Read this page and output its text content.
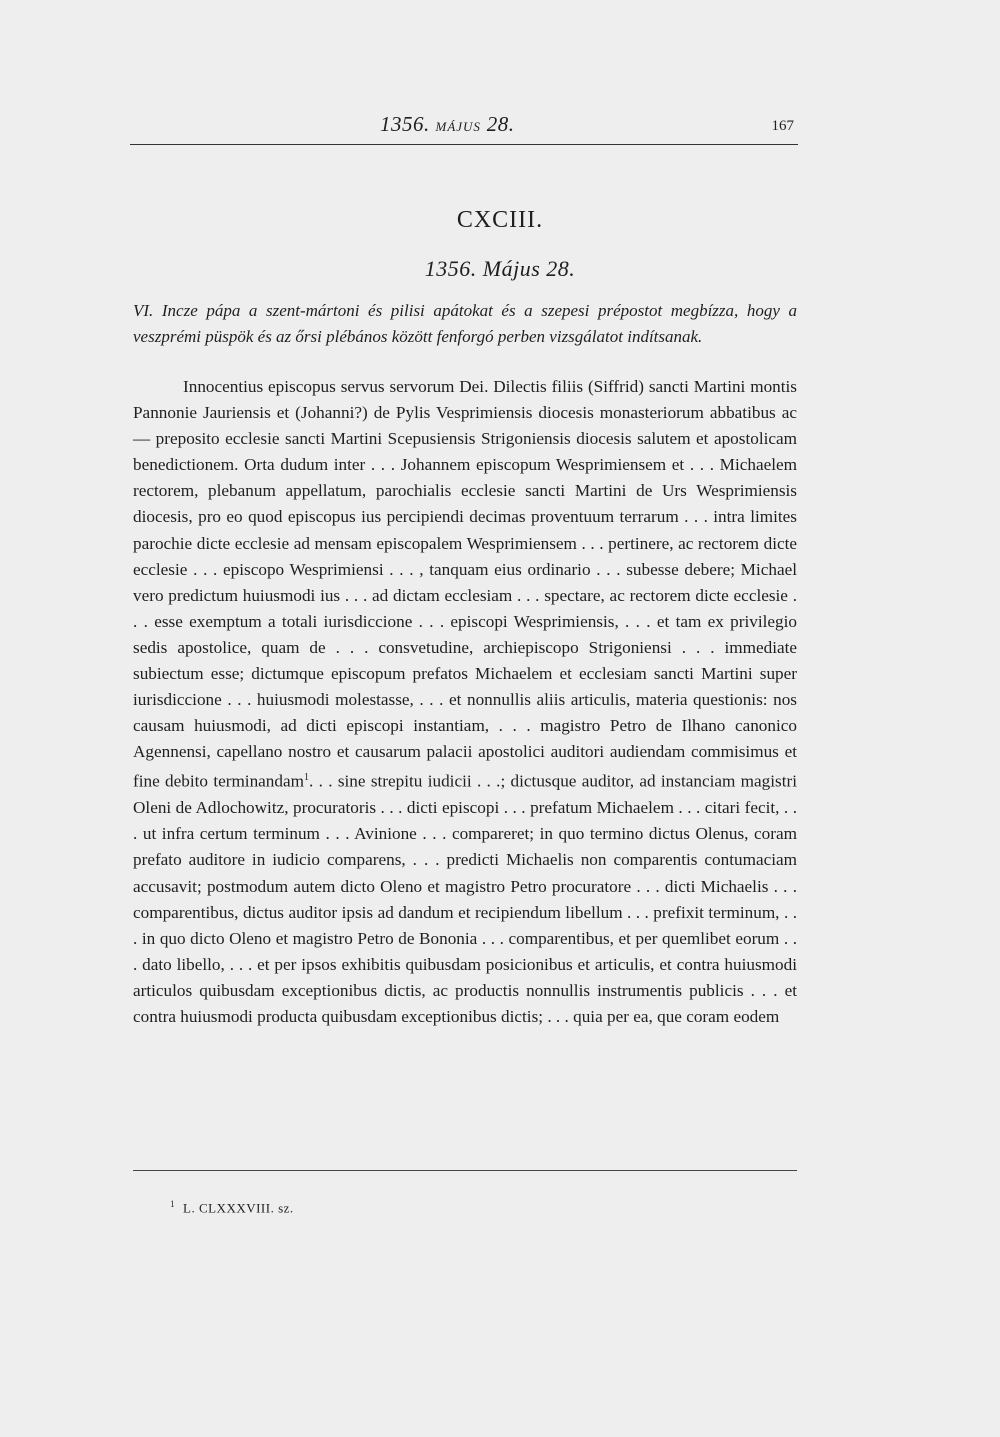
1356. MÁJUS 28.	167
CXCIII.
1356. Május 28.
VI. Incze pápa a szent-mártoni és pilisi apátokat és a szepesi prépostot megbízza, hogy a veszprémi püspök és az őrsi plébános között fenforgó perben vizsgálatot indítsanak.

Innocentius episcopus servus servorum Dei. Dilectis filiis (Siffrid) sancti Martini montis Pannonie Jauriensis et (Johanni?) de Pylis Vesprimiensis diocesis monasteriorum abbatibus ac — preposito ecclesie sancti Martini Scepusiensis Strigoniensis diocesis salutem et apostolicam benedictionem. Orta dudum inter . . . Johannem episcopum Wesprimiensem et . . . Michaelem rectorem, plebanum appellatum, parochialis ecclesie sancti Martini de Urs Wesprimiensis diocesis, pro eo quod episcopus ius percipiendi decimas proventuum terrarum . . . intra limites parochie dicte ecclesie ad mensam episcopalem Wesprimiensem . . . pertinere, ac rectorem dicte ecclesie . . . episcopo Wesprimiensi . . . , tanquam eius ordinario . . . subesse debere; Michael vero predictum huiusmodi ius . . . ad dictam ecclesiam . . . spectare, ac rectorem dicte ecclesie . . . esse exemptum a totali iurisdiccione . . . episcopi Wesprimiensis, . . . et tam ex privilegio sedis apostolice, quam de . . . consvetudine, archiepiscopo Strigoniensi . . . immediate subiectum esse; dictumque episcopum prefatos Michaelem et ecclesiam sancti Martini super iurisdiccione . . . huiusmodi molestasse, . . . et nonnullis aliis articulis, materia questionis: nos causam huiusmodi, ad dicti episcopi instantiam, . . . magistro Petro de Ilhano canonico Agennensi, capellano nostro et causarum palacii apostolici auditori audiendam commisimus et fine debito terminandam$^1$. . . sine strepitu iudicii . . .; dictusque auditor, ad instanciam magistri Oleni de Adlochowitz, procuratoris . . . dicti episcopi . . . prefatum Michaelem . . . citari fecit, . . . ut infra certum terminum . . . Avinione . . . compareret; in quo termino dictus Olenus, coram prefato auditore in iudicio comparens, . . . predicti Michaelis non comparentis contumaciam accusavit; postmodum autem dicto Oleno et magistro Petro procuratore . . . dicti Michaelis . . . comparentibus, dictus auditor ipsis ad dandum et recipiendum libellum . . . prefixit terminum, . . . in quo dicto Oleno et magistro Petro de Bononia . . . comparentibus, et per quemlibet eorum . . . dato libello, . . . et per ipsos exhibitis quibusdam posicionibus et articulis, et contra huiusmodi articulos quibusdam exceptionibus dictis, ac productis nonnullis instrumentis publicis . . . et contra huiusmodi producta quibusdam exceptionibus dictis; . . . quia per ea, que coram eodem

$^1$ L. CLXXXVIII. sz.
